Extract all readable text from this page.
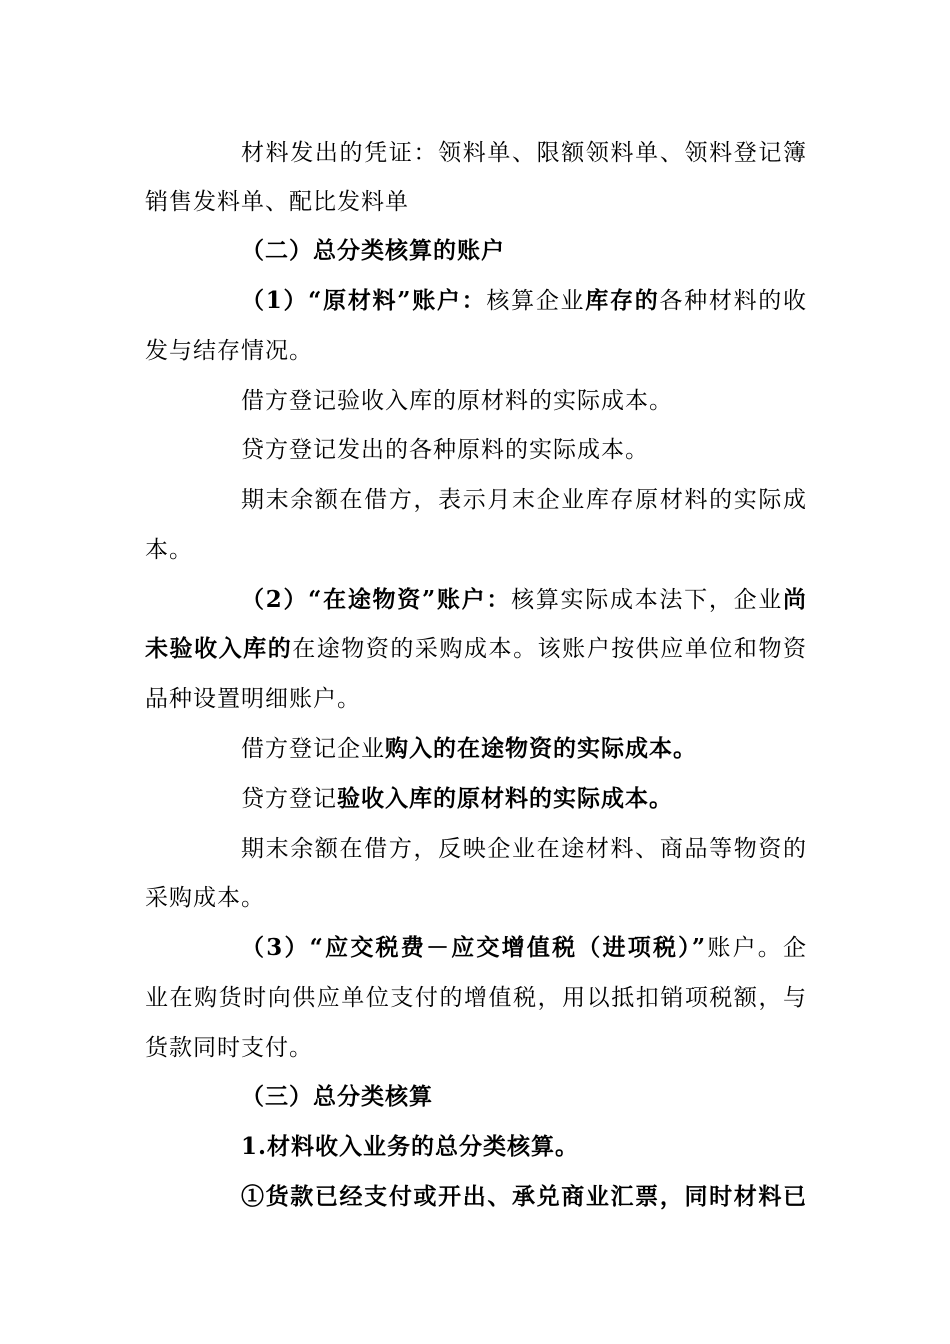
材料发出的凭证：领料单、限额领料单、领料登记簿
销售发料单、配比发料单
（二）总分类核算的账户
（1）“原材料”账户：核算企业库存的各种材料的收
发与结存情况。
借方登记验收入库的原材料的实际成本。
贷方登记发出的各种原料的实际成本。
期末余额在借方，表示月末企业库存原材料的实际成
本。
（2）“在途物资”账户：核算实际成本法下，企业尚
未验收入库的在途物资的采购成本。该账户按供应单位和物资
品种设置明细账户。
借方登记企业购入的在途物资的实际成本。
贷方登记验收入库的原材料的实际成本。
期末余额在借方，反映企业在途材料、商品等物资的
采购成本。
（3）“应交税费－应交增值税（进项税）”账户。企
业在购货时向供应单位支付的增值税，用以抵扣销项税额，与
货款同时支付。
（三）总分类核算
1.材料收入业务的总分类核算。
①货款已经支付或开出、承兑商业汇票，同时材料已
